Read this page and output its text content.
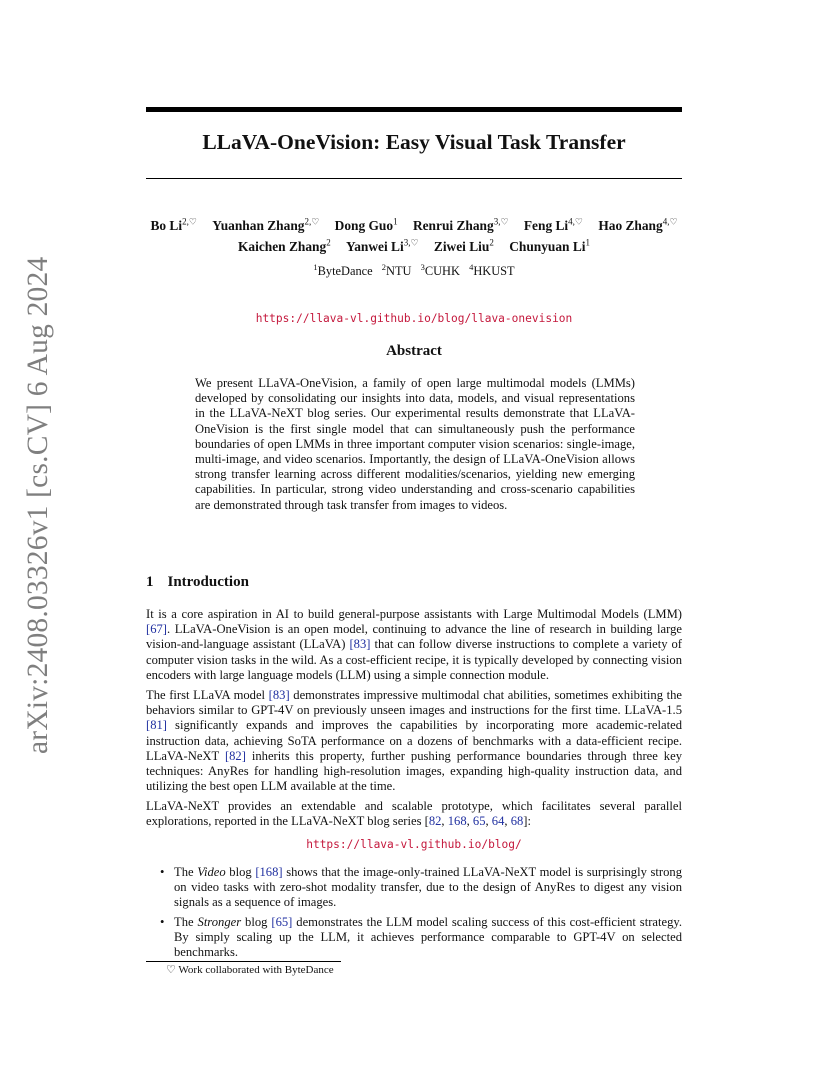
arXiv:2408.03326v1 [cs.CV] 6 Aug 2024
LLaVA-OneVision: Easy Visual Task Transfer
Bo $Li^{2,♡}$ Yuanhan Zhang$^{2,♡}$ Dong Guo$^1$ Renrui Zhang$^{3,♡}$ Feng $Li^{4,♡}$ Hao Zhang$^{4,♡}$
Kaichen Zhang$^2$ Yanwei $Li^{3,♡}$ Ziwei Liu$^2$ Chunyuan Li$^1$
$^1$ByteDance $^2$NTU $^3$CUHK $^4$HKUST
https://llava-vl.github.io/blog/llava-onevision
Abstract

We present LLaVA-OneVision, a family of open large multimodal models (LMMs) developed by consolidating our insights into data, models, and visual representations in the LLaVA-NeXT blog series. Our experimental results demonstrate that LLaVA-OneVision is the first single model that can simultaneously push the performance boundaries of open LMMs in three important computer vision scenarios: single-image, multi-image, and video scenarios. Importantly, the design of LLaVA-OneVision allows strong transfer learning across different modalities/scenarios, yielding new emerging capabilities. In particular, strong video understanding and cross-scenario capabilities are demonstrated through task transfer from images to videos.

1 Introduction

It is a core aspiration in AI to build general-purpose assistants with Large Multimodal Models (LMM) [67]. LLaVA-OneVision is an open model, continuing to advance the line of research in building large vision-and-language assistant (LLaVA) [83] that can follow diverse instructions to complete a variety of computer vision tasks in the wild. As a cost-efficient recipe, it is typically developed by connecting vision encoders with large language models (LLM) using a simple connection module.

The first LLaVA model [83] demonstrates impressive multimodal chat abilities, sometimes exhibiting the behaviors similar to GPT-4V on previously unseen images and instructions for the first time. LLaVA-1.5 [81] significantly expands and improves the capabilities by incorporating more academic-related instruction data, achieving SoTA performance on a dozens of benchmarks with a data-efficient recipe. LLaVA-NeXT [82] inherits this property, further pushing performance boundaries through three key techniques: AnyRes for handling high-resolution images, expanding high-quality instruction data, and utilizing the best open LLM available at the time.

LLaVA-NeXT provides an extendable and scalable prototype, which facilitates several parallel explorations, reported in the LLaVA-NeXT blog series [82, 168, 65, 64, 68]:

https://llava-vl.github.io/blog/
• The Video blog [168] shows that the image-only-trained LLaVA-NeXT model is surprisingly strong on video tasks with zero-shot modality transfer, due to the design of AnyRes to digest any vision signals as a sequence of images.
• The Stronger blog [65] demonstrates the LLM model scaling success of this cost-efficient strategy. By simply scaling up the LLM, it achieves performance comparable to GPT-4V on selected benchmarks.
♡ Work collaborated with ByteDance
